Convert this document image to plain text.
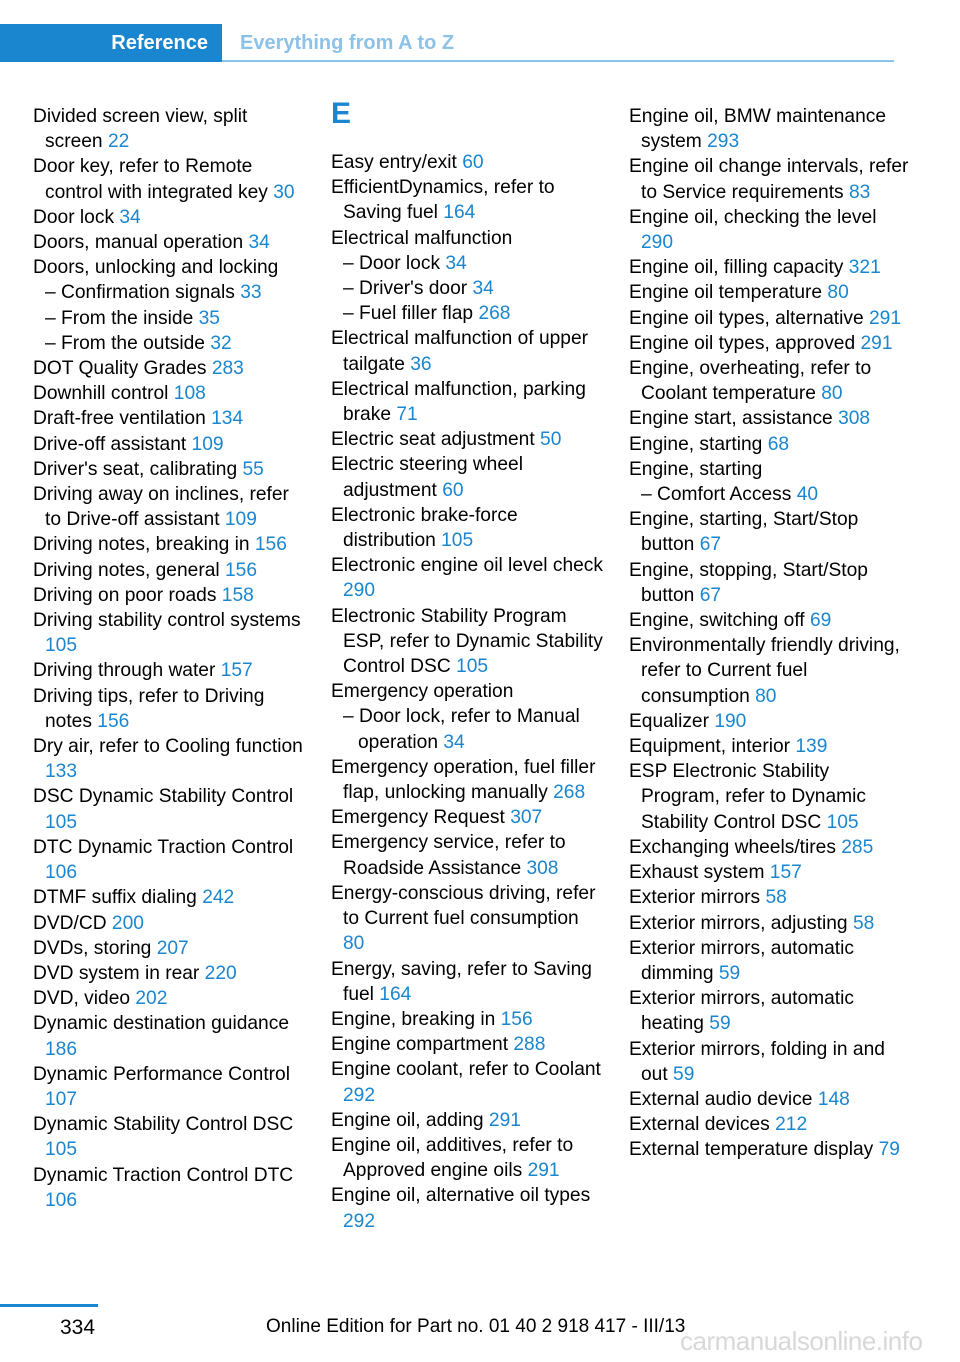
Reference	Everything from A to Z
Divided screen view, split screen 22
Door key, refer to Remote control with integrated key 30
Door lock 34
Doors, manual operation 34
Doors, unlocking and locking
– Confirmation signals 33
– From the inside 35
– From the outside 32
DOT Quality Grades 283
Downhill control 108
Draft-free ventilation 134
Drive-off assistant 109
Driver's seat, calibrating 55
Driving away on inclines, refer to Drive-off assistant 109
Driving notes, breaking in 156
Driving notes, general 156
Driving on poor roads 158
Driving stability control systems 105
Driving through water 157
Driving tips, refer to Driving notes 156
Dry air, refer to Cooling function 133
DSC Dynamic Stability Control 105
DTC Dynamic Traction Control 106
DTMF suffix dialing 242
DVD/CD 200
DVDs, storing 207
DVD system in rear 220
DVD, video 202
Dynamic destination guidance 186
Dynamic Performance Control 107
Dynamic Stability Control DSC 105
Dynamic Traction Control DTC 106
E
Easy entry/exit 60
EfficientDynamics, refer to Saving fuel 164
Electrical malfunction
– Door lock 34
– Driver's door 34
– Fuel filler flap 268
Electrical malfunction of upper tailgate 36
Electrical malfunction, parking brake 71
Electric seat adjustment 50
Electric steering wheel adjustment 60
Electronic brake-force distribution 105
Electronic engine oil level check 290
Electronic Stability Program ESP, refer to Dynamic Stability Control DSC 105
Emergency operation
– Door lock, refer to Manual operation 34
Emergency operation, fuel filler flap, unlocking manually 268
Emergency Request 307
Emergency service, refer to Roadside Assistance 308
Energy-conscious driving, refer to Current fuel consumption 80
Energy, saving, refer to Saving fuel 164
Engine, breaking in 156
Engine compartment 288
Engine coolant, refer to Coolant 292
Engine oil, adding 291
Engine oil, additives, refer to Approved engine oils 291
Engine oil, alternative oil types 292
Engine oil, BMW maintenance system 293
Engine oil change intervals, refer to Service requirements 83
Engine oil, checking the level 290
Engine oil, filling capacity 321
Engine oil temperature 80
Engine oil types, alternative 291
Engine oil types, approved 291
Engine, overheating, refer to Coolant temperature 80
Engine start, assistance 308
Engine, starting 68
Engine, starting
– Comfort Access 40
Engine, starting, Start/Stop button 67
Engine, stopping, Start/Stop button 67
Engine, switching off 69
Environmentally friendly driving, refer to Current fuel consumption 80
Equalizer 190
Equipment, interior 139
ESP Electronic Stability Program, refer to Dynamic Stability Control DSC 105
Exchanging wheels/tires 285
Exhaust system 157
Exterior mirrors 58
Exterior mirrors, adjusting 58
Exterior mirrors, automatic dimming 59
Exterior mirrors, automatic heating 59
Exterior mirrors, folding in and out 59
External audio device 148
External devices 212
External temperature display 79
334	Online Edition for Part no. 01 40 2 918 417 - III/13
carmanualsonline.info
